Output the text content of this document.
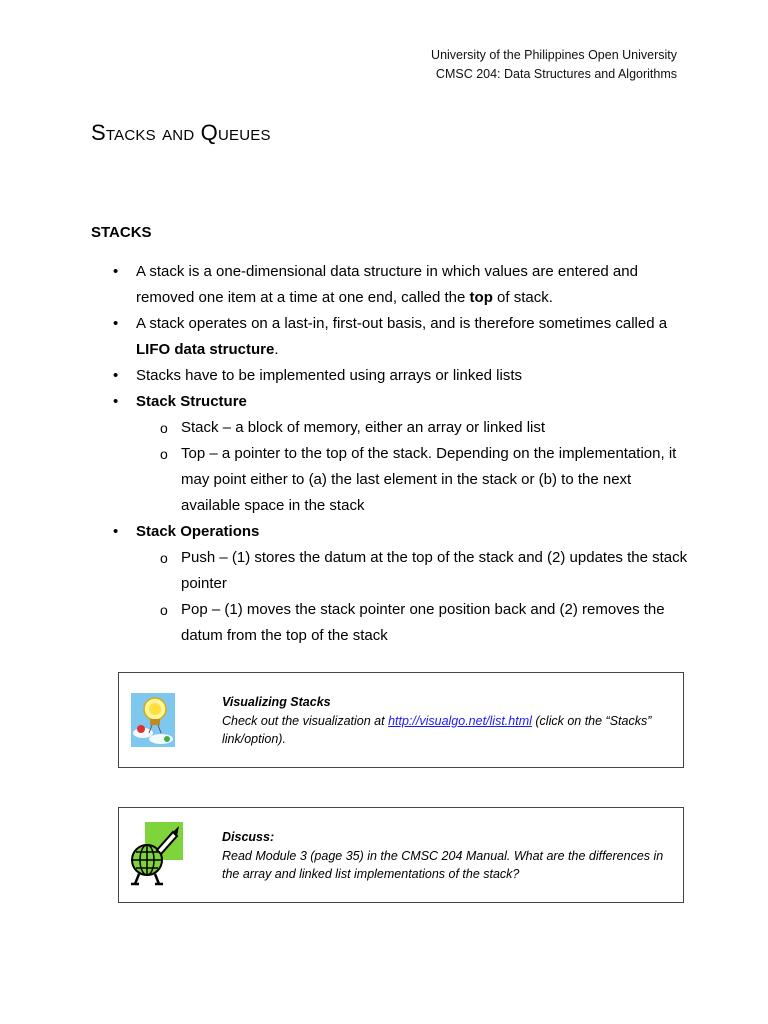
University of the Philippines Open University
CMSC 204: Data Structures and Algorithms
Stacks and Queues
STACKS
• A stack is a one-dimensional data structure in which values are entered and removed one item at a time at one end, called the top of stack.
• A stack operates on a last-in, first-out basis, and is therefore sometimes called a LIFO data structure.
• Stacks have to be implemented using arrays or linked lists
• Stack Structure
o Stack – a block of memory, either an array or linked list
o Top – a pointer to the top of the stack. Depending on the implementation, it may point either to (a) the last element in the stack or (b) to the next available space in the stack
• Stack Operations
o Push – (1) stores the datum at the top of the stack and (2) updates the stack pointer
o Pop – (1) moves the stack pointer one position back and (2) removes the datum from the top of the stack
Visualizing Stacks
Check out the visualization at http://visualgo.net/list.html (click on the “Stacks” link/option).
Discuss:
Read Module 3 (page 35) in the CMSC 204 Manual. What are the differences in the array and linked list implementations of the stack?
